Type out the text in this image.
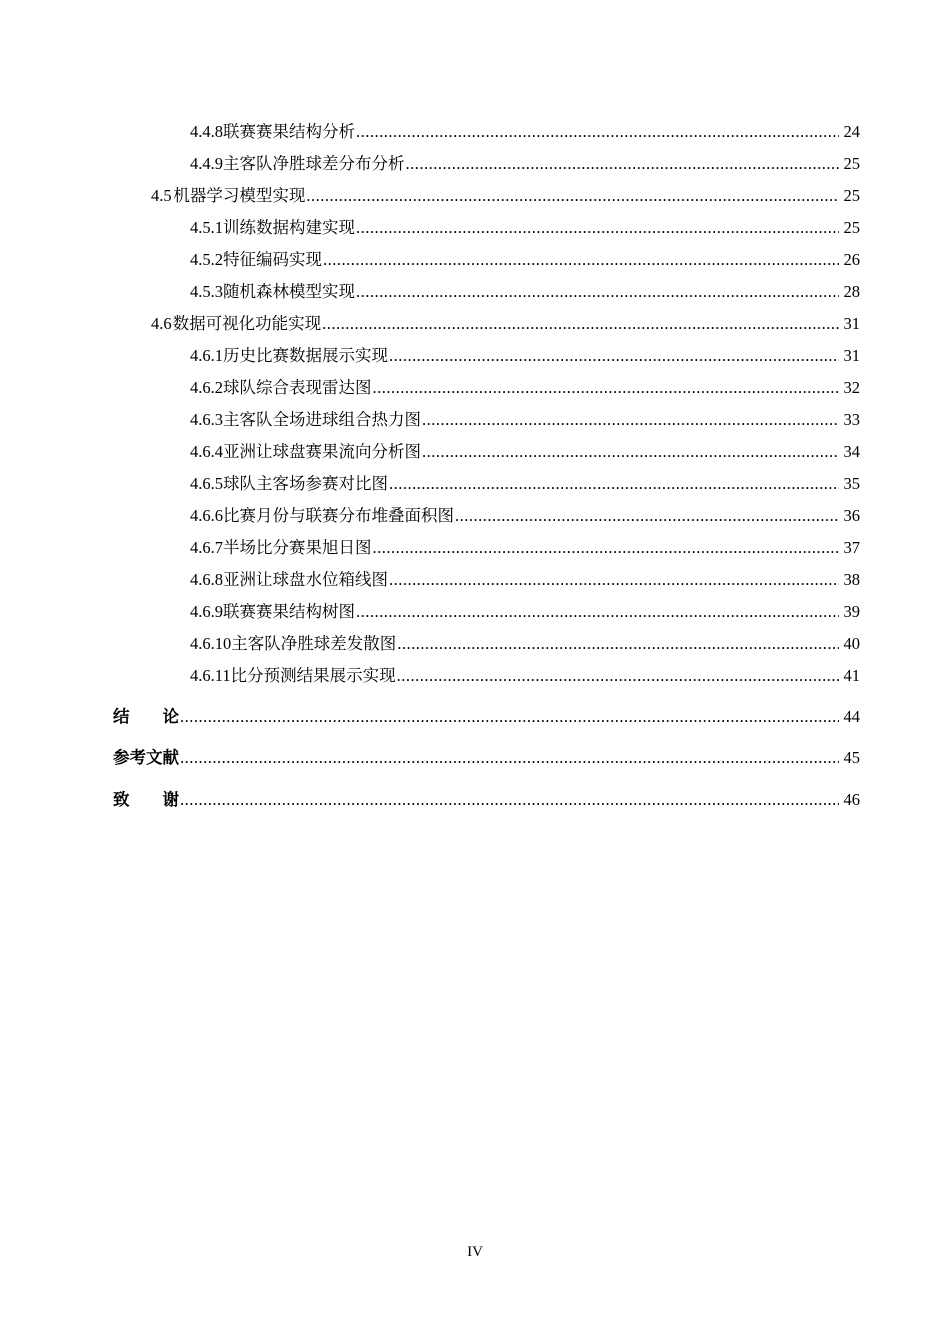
4.4.8 联赛赛果结构分析 .....	24
4.4.9 主客队净胜球差分布分析 .....	25
4.5 机器学习模型实现 .....	25
4.5.1 训练数据构建实现 .....	25
4.5.2 特征编码实现 .....	26
4.5.3 随机森林模型实现 .....	28
4.6 数据可视化功能实现 .....	31
4.6.1 历史比赛数据展示实现 .....	31
4.6.2 球队综合表现雷达图 .....	32
4.6.3 主客队全场进球组合热力图 .....	33
4.6.4 亚洲让球盘赛果流向分析图 .....	34
4.6.5 球队主客场参赛对比图 .....	35
4.6.6 比赛月份与联赛分布堆叠面积图 .....	36
4.6.7 半场比分赛果旭日图 .....	37
4.6.8 亚洲让球盘水位箱线图 .....	38
4.6.9 联赛赛果结构树图 .....	39
4.6.10 主客队净胜球差发散图 .....	40
4.6.11 比分预测结果展示实现 .....	41
结　　论 .....	44
参考文献 .....	45
致　　谢 .....	46
IV
